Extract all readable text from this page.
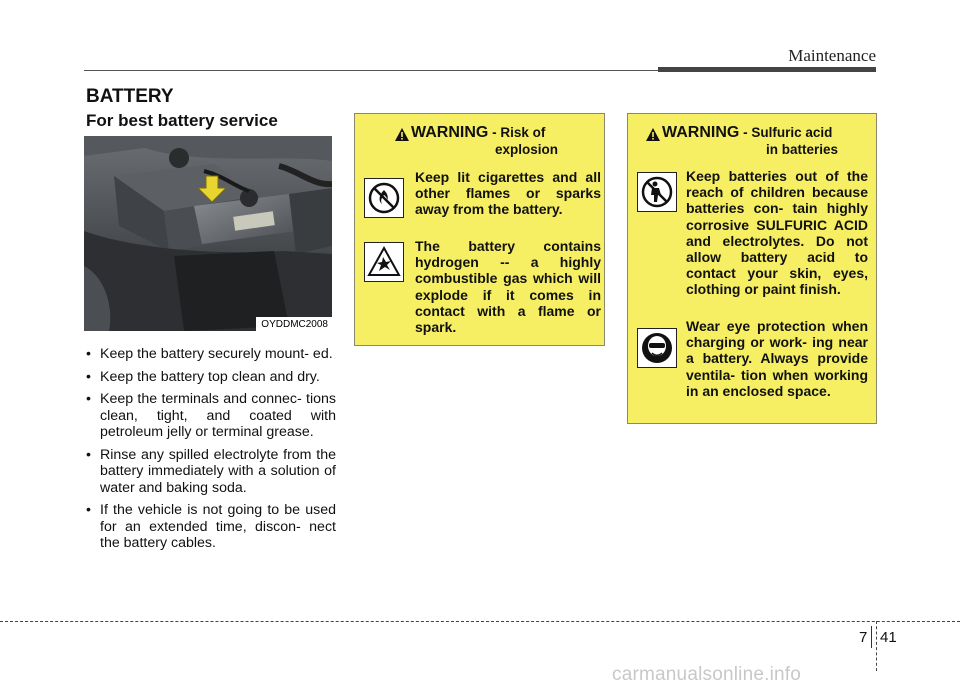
Maintenance
BATTERY
For best battery service
OYDDMC2008
• Keep the battery securely mount- ed.
• Keep the battery top clean and dry.
• Keep the terminals and connec- tions clean, tight, and coated with petroleum jelly or terminal grease.
• Rinse any spilled electrolyte from the battery immediately with a solution of water and baking soda.
• If the vehicle is not going to be used for an extended time, discon- nect the battery cables.
WARNING - Risk of
explosion
Keep lit cigarettes and all other flames or sparks away from the battery.
The battery contains hydrogen -- a highly combustible gas which will explode if it comes in contact with a flame or spark.
WARNING - Sulfuric acid
in batteries
Keep batteries out of the reach of children because batteries con- tain highly corrosive SULFURIC ACID and electrolytes. Do not allow battery acid to contact your skin, eyes, clothing or paint finish.
Wear eye protection when charging or work- ing near a battery. Always provide ventila- tion when working in an enclosed space.
7 41
carmanualsonline.info
